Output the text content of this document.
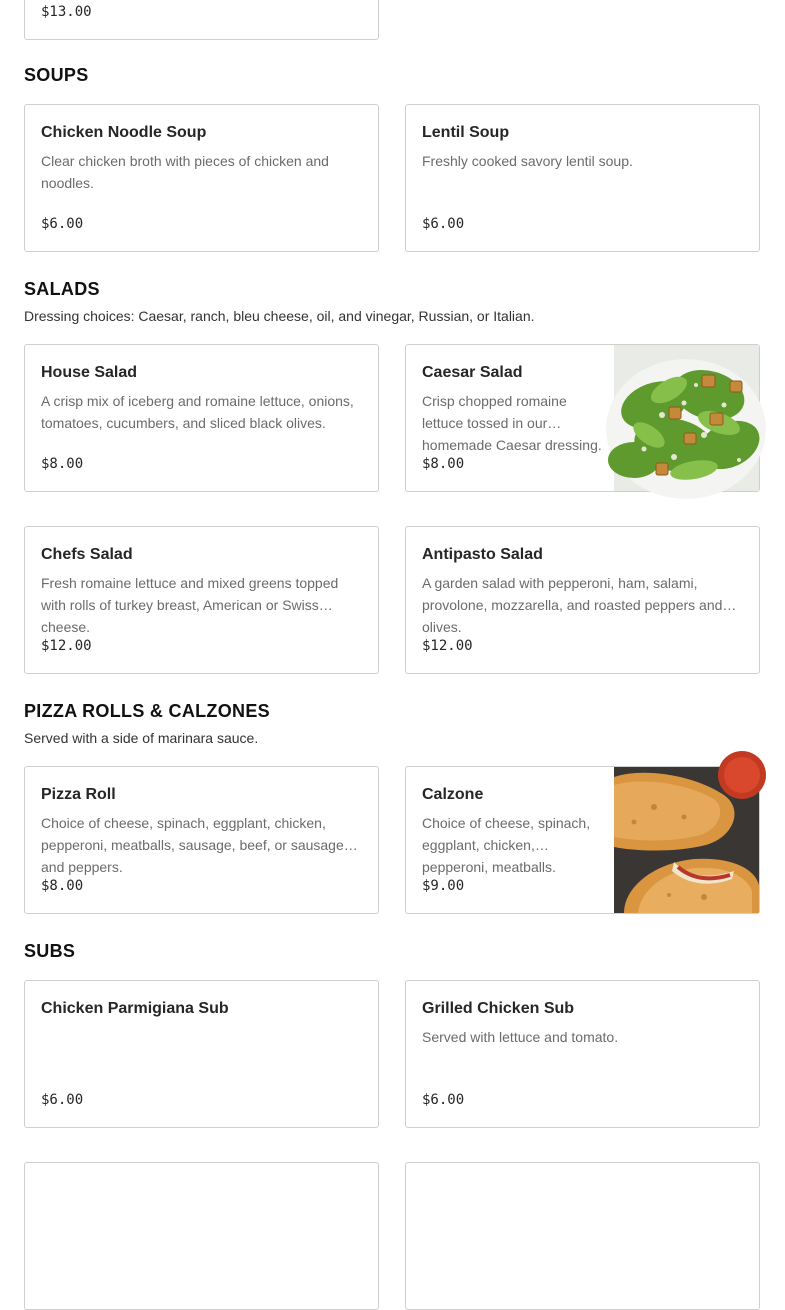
$13.00
SOUPS
Chicken Noodle Soup
Clear chicken broth with pieces of chicken and noodles.
$6.00
Lentil Soup
Freshly cooked savory lentil soup.
$6.00
SALADS

Dressing choices: Caesar, ranch, bleu cheese, oil, and vinegar, Russian, or Italian.

House Salad
A crisp mix of iceberg and romaine lettuce, onions, tomatoes, cucumbers, and sliced black olives.
$8.00
Caesar Salad
Crisp chopped romaine lettuce tossed in our homemade Caesar dressing.
$8.00
Chefs Salad
Fresh romaine lettuce and mixed greens topped with rolls of turkey breast, American or Swiss cheese.
$12.00
Antipasto Salad
A garden salad with pepperoni, ham, salami, provolone, mozzarella, and roasted peppers and olives.
$12.00
PIZZA ROLLS & CALZONES

Served with a side of marinara sauce.

Pizza Roll
Choice of cheese, spinach, eggplant, chicken, pepperoni, meatballs, sausage, beef, or sausage and peppers.
$8.00
Calzone
Choice of cheese, spinach, eggplant, chicken, pepperoni, meatballs.
$9.00
SUBS
Chicken Parmigiana Sub
$6.00
Grilled Chicken Sub
Served with lettuce and tomato.
$6.00
